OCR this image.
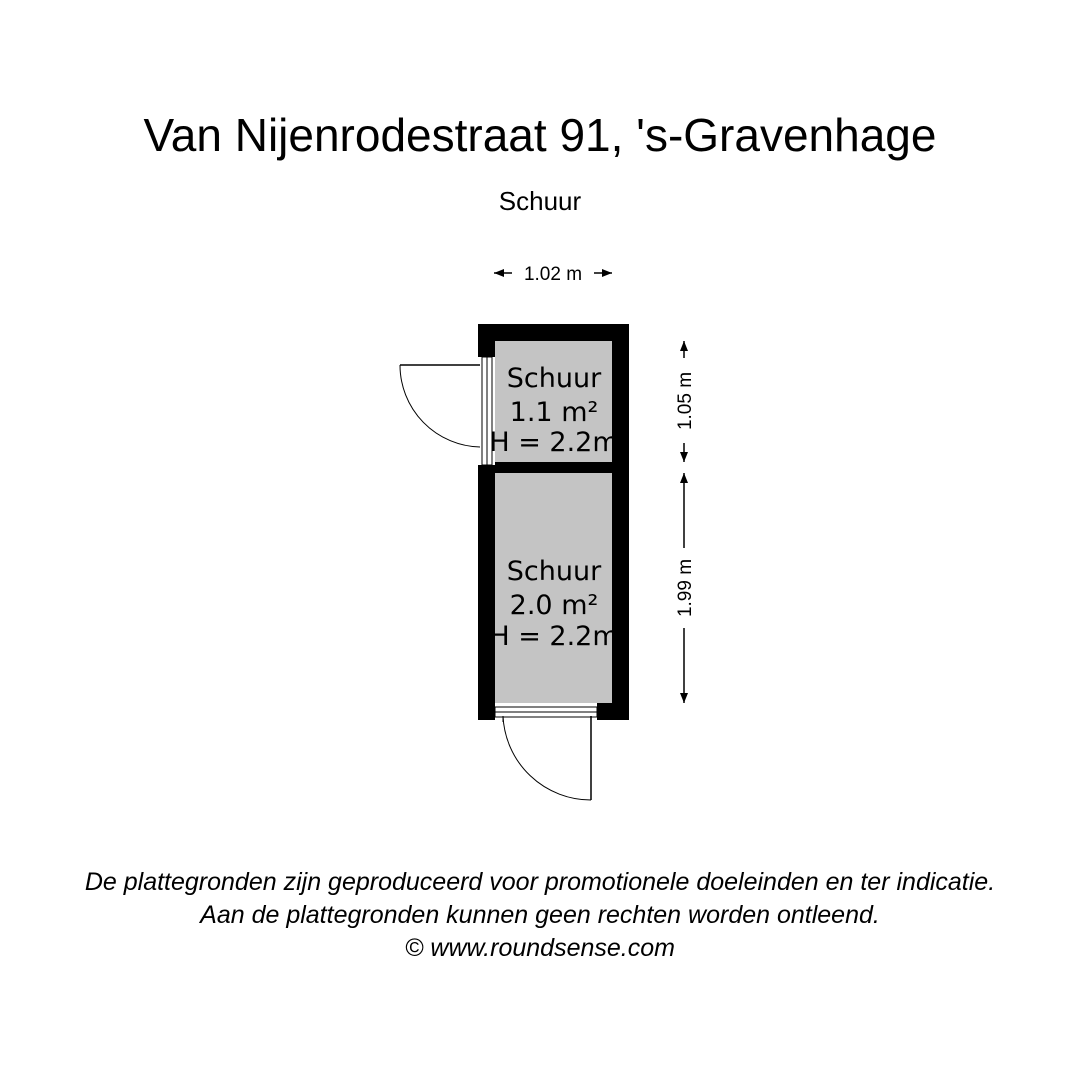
Van Nijenrodestraat 91, 's-Gravenhage
Schuur
1.02 m
Schuur
1.1 m²
H = 2.2m
Schuur
2.0 m²
H = 2.2m
1.05 m
1.99 m
De plattegronden zijn geproduceerd voor promotionele doeleinden en ter indicatie.
Aan de plattegronden kunnen geen rechten worden ontleend.
© www.roundsense.com
